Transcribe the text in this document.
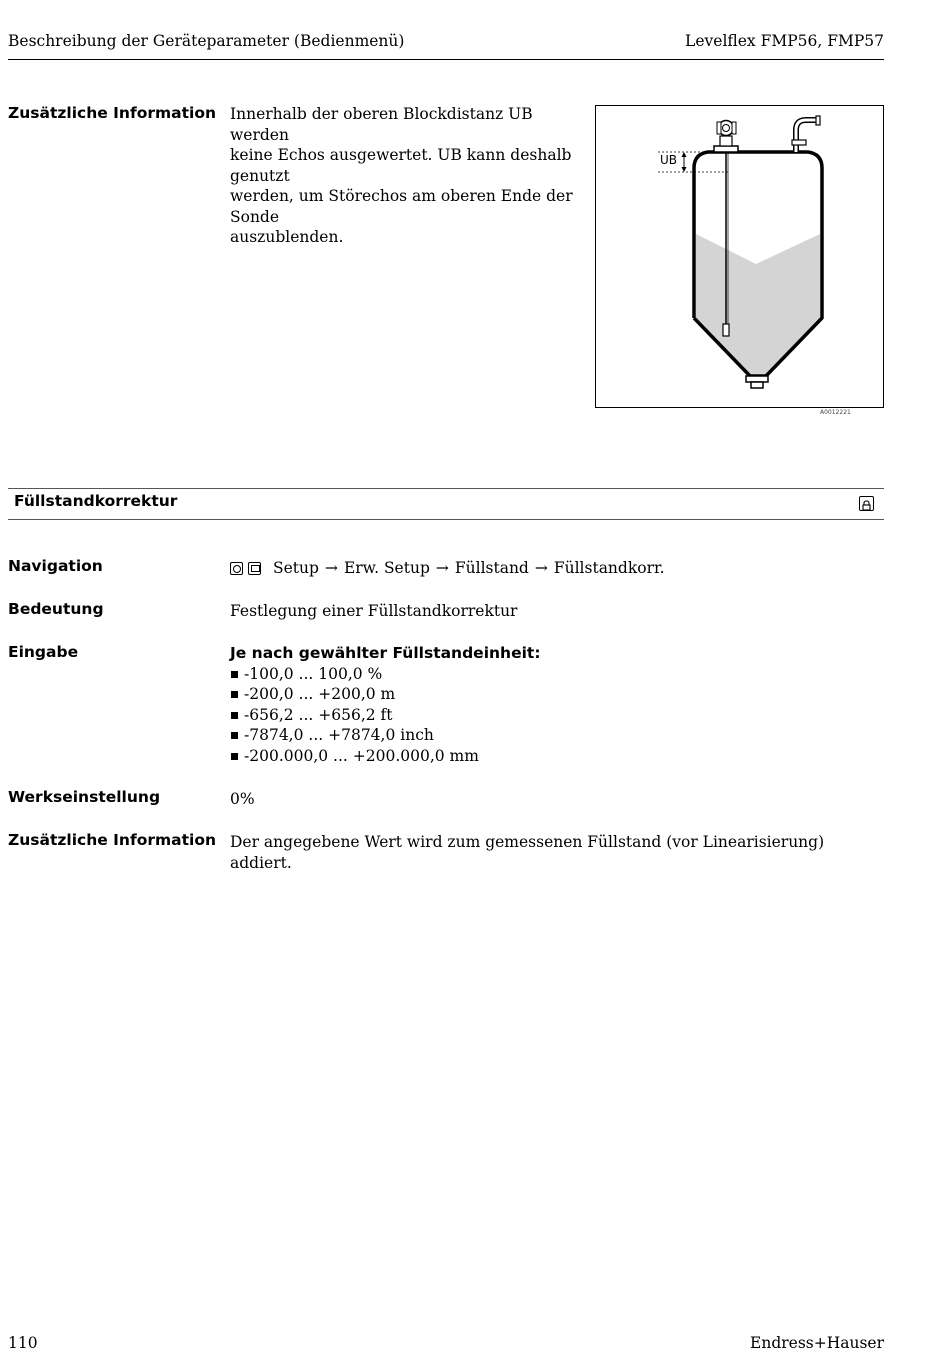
Beschreibung der Geräteparameter (Bedienmenü)	Levelflex FMP56, FMP57
Zusätzliche Information Innerhalb der oberen Blockdistanz UB werden
keine Echos ausgewertet. UB kann deshalb genutzt
werden, um Störechos am oberen Ende der Sonde
auszublenden.
UB
A0012221
Füllstandkorrektur
Navigation	Setup → Erw. Setup → Füllstand → Füllstandkorr.
Bedeutung	Festlegung einer Füllstandkorrektur
Eingabe	Je nach gewählter Füllstandeinheit:
-100,0 ... 100,0 %
-200,0 ... +200,0 m
-656,2 ... +656,2 ft
-7874,0 ... +7874,0 inch
-200.000,0 ... +200.000,0 mm
Werkseinstellung	0%
Zusätzliche Information Der angegebene Wert wird zum gemessenen Füllstand (vor Linearisierung) addiert.
110	Endress+Hauser
